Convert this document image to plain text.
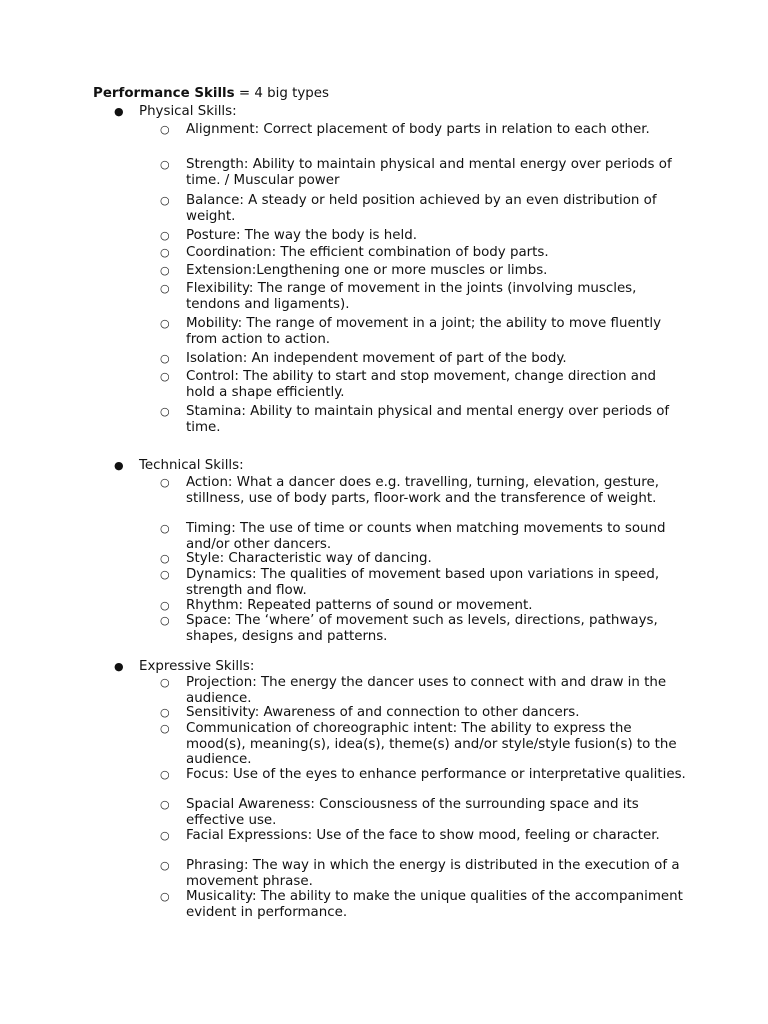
Performance Skills = 4 big types
●	Physical Skills:
○ Alignment: Correct placement of body parts in relation to each other.
○ Strength: Ability to maintain physical and mental energy over periods of time. / Muscular power
○ Balance: A steady or held position achieved by an even distribution of weight.
○ Posture: The way the body is held.
○ Coordination: The efficient combination of body parts.
○ Extension:Lengthening one or more muscles or limbs.
○ Flexibility: The range of movement in the joints (involving muscles, tendons and ligaments).
○ Mobility: The range of movement in a joint; the ability to move fluently from action to action.
○ Isolation: An independent movement of part of the body.
○ Control: The ability to start and stop movement, change direction and hold a shape efficiently.
○ Stamina: Ability to maintain physical and mental energy over periods of time.
●	Technical Skills:
○ Action: What a dancer does e.g. travelling, turning, elevation, gesture, stillness, use of body parts, floor-work and the transference of weight.
○ Timing: The use of time or counts when matching movements to sound and/or other dancers.
○ Style: Characteristic way of dancing.
○ Dynamics: The qualities of movement based upon variations in speed, strength and flow.
○ Rhythm: Repeated patterns of sound or movement.
○ Space: The ‘where’ of movement such as levels, directions, pathways, shapes, designs and patterns.
●	Expressive Skills:
○ Projection: The energy the dancer uses to connect with and draw in the audience.
○ Sensitivity: Awareness of and connection to other dancers.
○ Communication of choreographic intent: The ability to express the mood(s), meaning(s), idea(s), theme(s) and/or style/style fusion(s) to the audience.
○ Focus: Use of the eyes to enhance performance or interpretative qualities.
○ Spacial Awareness: Consciousness of the surrounding space and its effective use.
○ Facial Expressions: Use of the face to show mood, feeling or character.
○ Phrasing: The way in which the energy is distributed in the execution of a movement phrase.
○ Musicality: The ability to make the unique qualities of the accompaniment evident in performance.
